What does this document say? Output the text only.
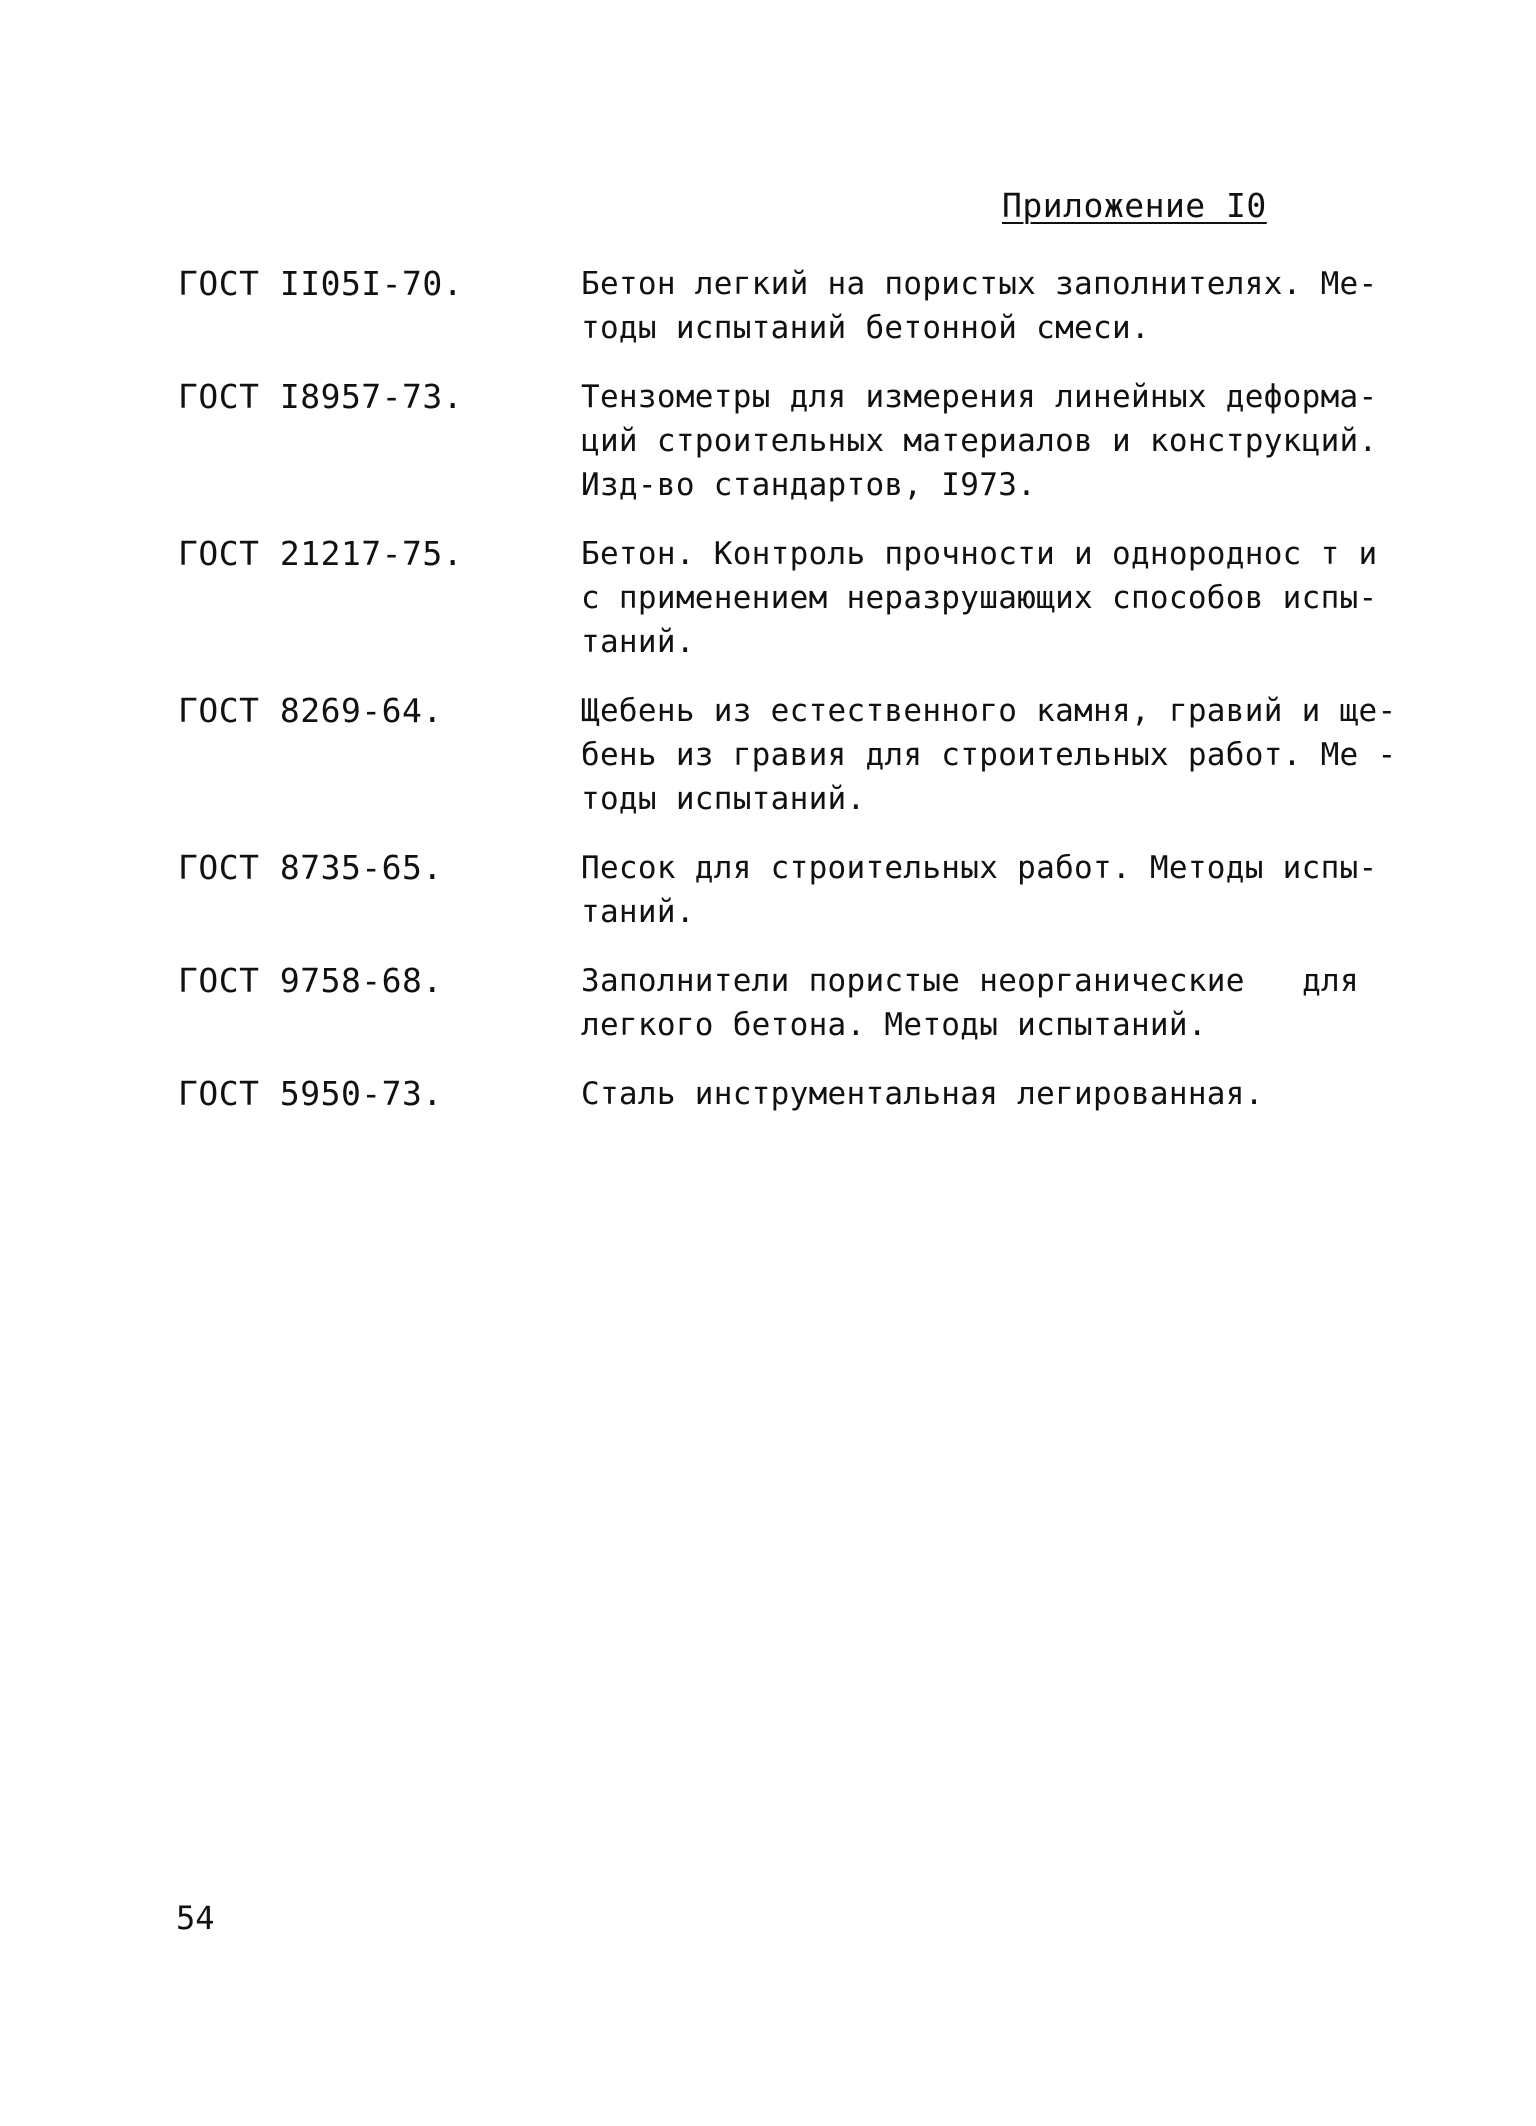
Приложение I0
ГОСТ II05I-70.	Бетон легкий на пористых заполнителях. Ме-
тоды испытаний бетонной смеси.
ГОСТ I8957-73.	Тензометры для измерения линейных деформа-
ций строительных материалов и конструкций.
Изд-во стандартов, I973.
ГОСТ 21217-75.	Бетон. Контроль прочности и однороднос т и
с применением неразрушающих способов испы-
таний.
ГОСТ 8269-64.	Щебень из естественного камня, гравий и ще-
бень из гравия для строительных работ. Ме -
тоды испытаний.
ГОСТ 8735-65.	Песок для строительных работ. Методы испы-
таний.
ГОСТ 9758-68.	Заполнители пористые неорганические для
легкого бетона. Методы испытаний.
ГОСТ 5950-73.	Сталь инструментальная легированная.
54
